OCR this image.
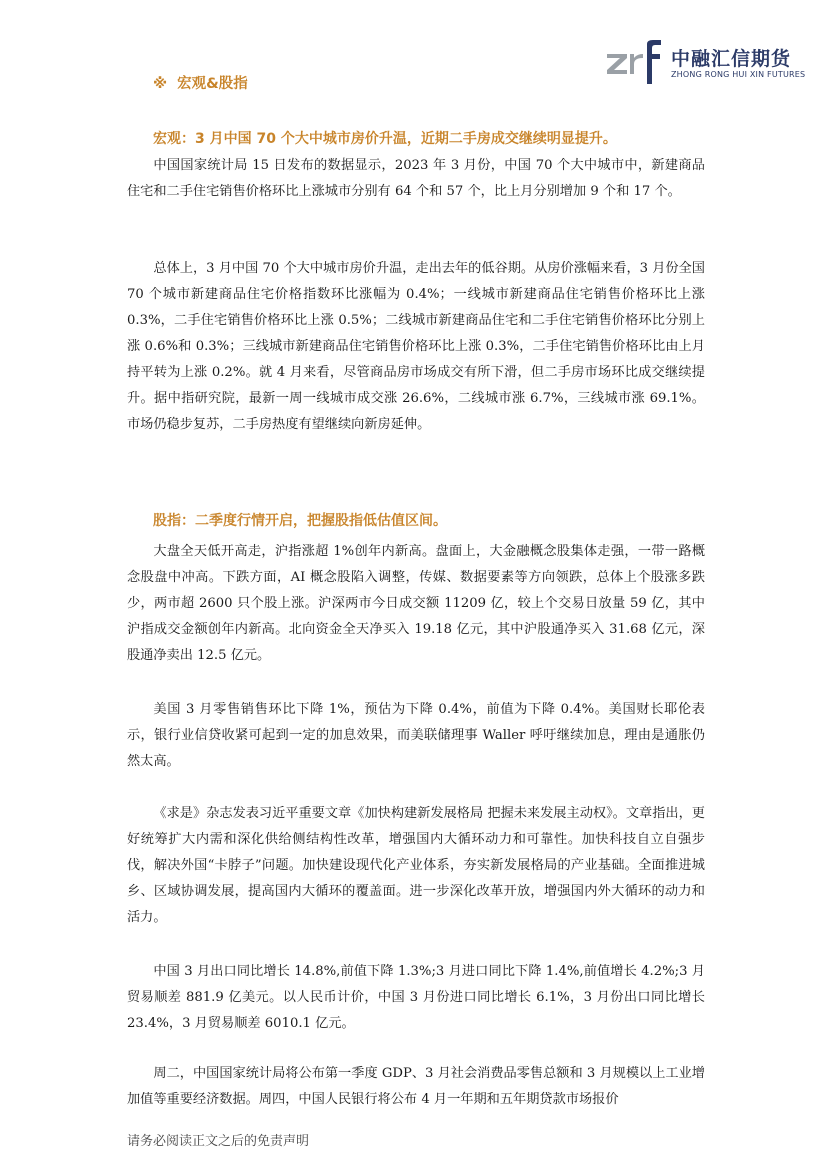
中融汇信期货
ZHONG RONG HUI XIN FUTURES
※ 宏观&股指
宏观：3 月中国 70 个大中城市房价升温，近期二手房成交继续明显提升。

中国国家统计局 15 日发布的数据显示，2023 年 3 月份，中国 70 个大中城市中，新建商品住宅和二手住宅销售价格环比上涨城市分别有 64 个和 57 个，比上月分别增加 9 个和 17 个。

总体上，3 月中国 70 个大中城市房价升温，走出去年的低谷期。从房价涨幅来看，3 月份全国 70 个城市新建商品住宅价格指数环比涨幅为 0.4%；一线城市新建商品住宅销售价格环比上涨 0.3%，二手住宅销售价格环比上涨 0.5%；二线城市新建商品住宅和二手住宅销售价格环比分别上涨 0.6%和 0.3%；三线城市新建商品住宅销售价格环比上涨 0.3%，二手住宅销售价格环比由上月持平转为上涨 0.2%。就 4 月来看，尽管商品房市场成交有所下滑，但二手房市场环比成交继续提升。据中指研究院，最新一周一线城市成交涨 26.6%，二线城市涨 6.7%，三线城市涨 69.1%。市场仍稳步复苏，二手房热度有望继续向新房延伸。

股指：二季度行情开启，把握股指低估值区间。

大盘全天低开高走，沪指涨超 1%创年内新高。盘面上，大金融概念股集体走强，一带一路概念股盘中冲高。下跌方面，AI 概念股陷入调整，传媒、数据要素等方向领跌，总体上个股涨多跌少，两市超 2600 只个股上涨。沪深两市今日成交额 11209 亿，较上个交易日放量 59 亿，其中沪指成交金额创年内新高。北向资金全天净买入 19.18 亿元，其中沪股通净买入 31.68 亿元，深股通净卖出 12.5 亿元。

美国 3 月零售销售环比下降 1%，预估为下降 0.4%，前值为下降 0.4%。美国财长耶伦表示，银行业信贷收紧可起到一定的加息效果，而美联储理事 Waller 呼吁继续加息，理由是通胀仍然太高。

《求是》杂志发表习近平重要文章《加快构建新发展格局 把握未来发展主动权》。文章指出，更好统筹扩大内需和深化供给侧结构性改革，增强国内大循环动力和可靠性。加快科技自立自强步伐，解决外国“卡脖子”问题。加快建设现代化产业体系，夯实新发展格局的产业基础。全面推进城乡、区域协调发展，提高国内大循环的覆盖面。进一步深化改革开放，增强国内外大循环的动力和活力。

中国 3 月出口同比增长 14.8%,前值下降 1.3%;3 月进口同比下降 1.4%,前值增长 4.2%;3 月贸易顺差 881.9 亿美元。以人民币计价，中国 3 月份进口同比增长 6.1%，3 月份出口同比增长 23.4%，3 月贸易顺差 6010.1 亿元。

周二，中国国家统计局将公布第一季度 GDP、3 月社会消费品零售总额和 3 月规模以上工业增加值等重要经济数据。周四，中国人民银行将公布 4 月一年期和五年期贷款市场报价

请务必阅读正文之后的免责声明
